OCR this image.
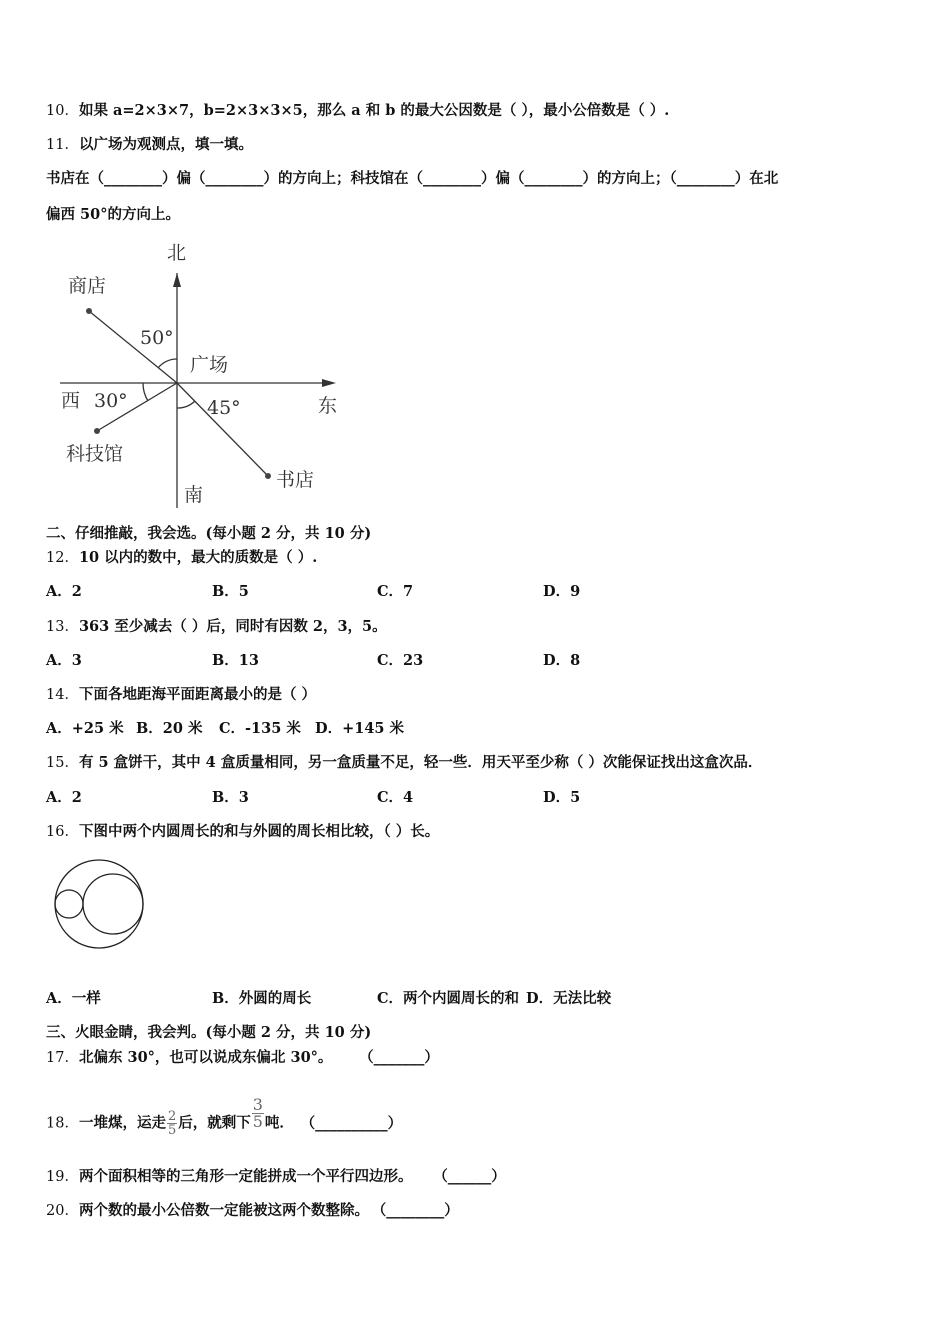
10．如果 a=2×3×7，b=2×3×3×5，那么 a 和 b 的最大公因数是（ ），最小公倍数是（ ）.
11．以广场为观测点，填一填。
书店在（________）偏（________）的方向上；科技馆在（________）偏（________）的方向上；（________）在北
偏西 50°的方向上。
北
南
东
西
广场
商店
科技馆
书店
50°
30°	45°
二、仔细推敲，我会选。(每小题 2 分，共 10 分)
12．10 以内的数中，最大的质数是（ ）.
A．2	B．5	C．7	D．9
13．363 至少减去（ ）后，同时有因数 2，3，5。
A．3	B．13	C．23	D．8
14．下面各地距海平面距离最小的是（ ）
A．+25 米 B．20 米 C．-135 米 D．+145 米
15．有 5 盒饼干，其中 4 盒质量相同，另一盒质量不足，轻一些．用天平至少称（ ）次能保证找出这盒次品．
A．2	B．3	C．4	D．5
16．下图中两个内圆周长的和与外圆的周长相比较，（ ）长。
A．一样	B．外圆的周长	C．两个内圆周长的和 D．无法比较
三、火眼金睛，我会判。(每小题 2 分，共 10 分)
17．北偏东 30°，也可以说成东偏北 30°。 （_______）
18．一堆煤，运走 $\frac{2}{5}$ 后，就剩下 $\frac{3}{5}$ 吨． （__________）
19．两个面积相等的三角形一定能拼成一个平行四边形。 （______）
20．两个数的最小公倍数一定能被这两个数整除。 （________）
